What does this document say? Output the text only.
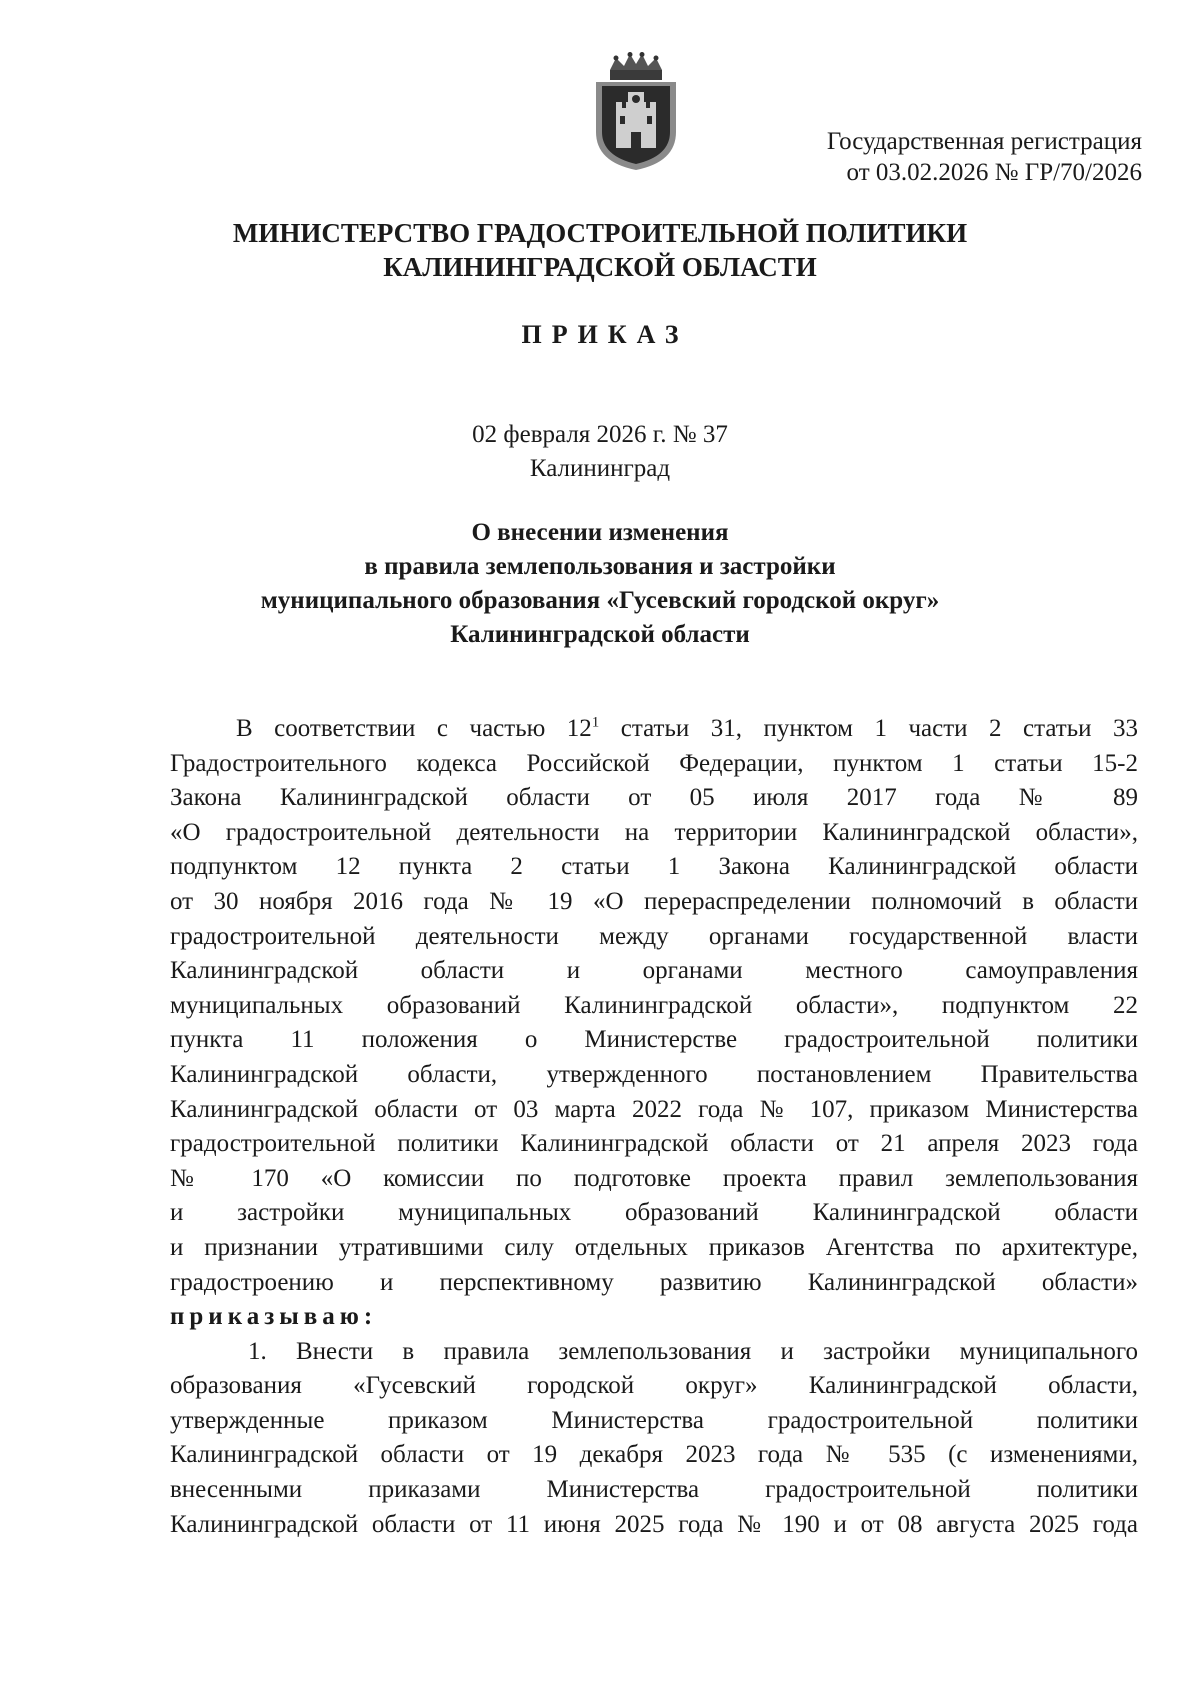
Государственная регистрация
от 03.02.2026 № ГР/70/2026
МИНИСТЕРСТВО ГРАДОСТРОИТЕЛЬНОЙ ПОЛИТИКИ
КАЛИНИНГРАДСКОЙ ОБЛАСТИ
ПРИКАЗ
02 февраля 2026 г. № 37
Калининград
О внесении изменения
в правила землепользования и застройки
муниципального образования «Гусевский городской округ»
Калининградской области
В соответствии с частью $12^1$ статьи 31, пунктом 1 части 2 статьи 33
Градостроительного кодекса Российской Федерации, пунктом 1 статьи 15-2
Закона Калининградской области от 05 июля 2017 года № 89
«О градостроительной деятельности на территории Калининградской области»,
подпунктом 12 пункта 2 статьи 1 Закона Калининградской области
от 30 ноября 2016 года № 19 «О перераспределении полномочий в области
градостроительной деятельности между органами государственной власти
Калининградской области и органами местного самоуправления
муниципальных образований Калининградской области», подпунктом 22
пункта 11 положения о Министерстве градостроительной политики
Калининградской области, утвержденного постановлением Правительства
Калининградской области от 03 марта 2022 года № 107, приказом Министерства
градостроительной политики Калининградской области от 21 апреля 2023 года
№ 170 «О комиссии по подготовке проекта правил землепользования
и застройки муниципальных образований Калининградской области
и признании утратившими силу отдельных приказов Агентства по архитектуре,
градостроению и перспективному развитию Калининградской области»
приказываю:
1. Внести в правила землепользования и застройки муниципального
образования «Гусевский городской округ» Калининградской области,
утвержденные приказом Министерства градостроительной политики
Калининградской области от 19 декабря 2023 года № 535 (с изменениями,
внесенными приказами Министерства градостроительной политики
Калининградской области от 11 июня 2025 года № 190 и от 08 августа 2025 года
